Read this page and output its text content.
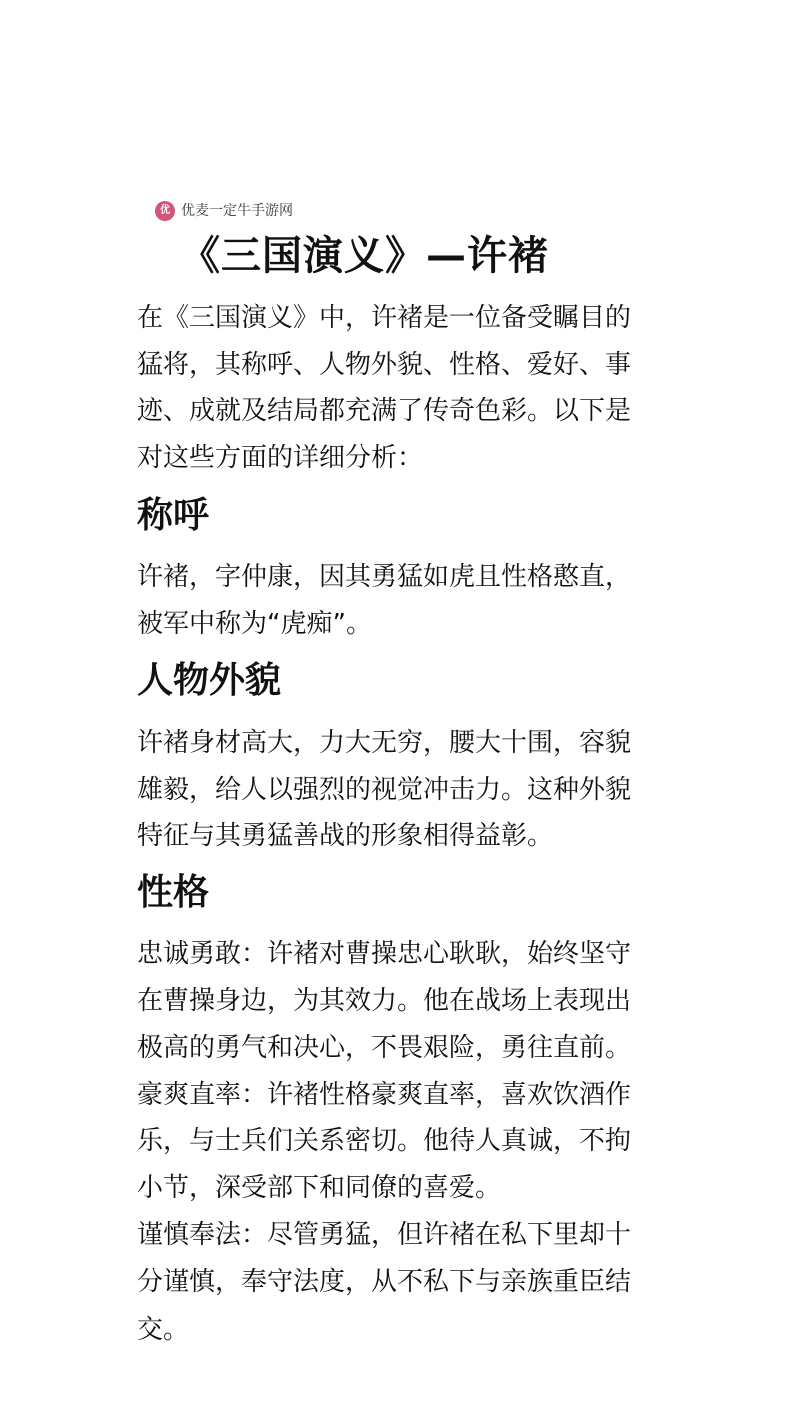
优 优麦一定牛手游网
《三国演义》—许褚
在《三国演义》中，许褚是一位备受瞩目的
猛将，其称呼、人物外貌、性格、爱好、事
迹、成就及结局都充满了传奇色彩。以下是
对这些方面的详细分析：
称呼
许褚，字仲康，因其勇猛如虎且性格憨直，
被军中称为“虎痴”。
人物外貌
许褚身材高大，力大无穷，腰大十围，容貌
雄毅，给人以强烈的视觉冲击力。这种外貌
特征与其勇猛善战的形象相得益彰。
性格
忠诚勇敢：许褚对曹操忠心耿耿，始终坚守
在曹操身边，为其效力。他在战场上表现出
极高的勇气和决心，不畏艰险，勇往直前。
豪爽直率：许褚性格豪爽直率，喜欢饮酒作
乐，与士兵们关系密切。他待人真诚，不拘
小节，深受部下和同僚的喜爱。
谨慎奉法：尽管勇猛，但许褚在私下里却十
分谨慎，奉守法度，从不私下与亲族重臣结
交。
